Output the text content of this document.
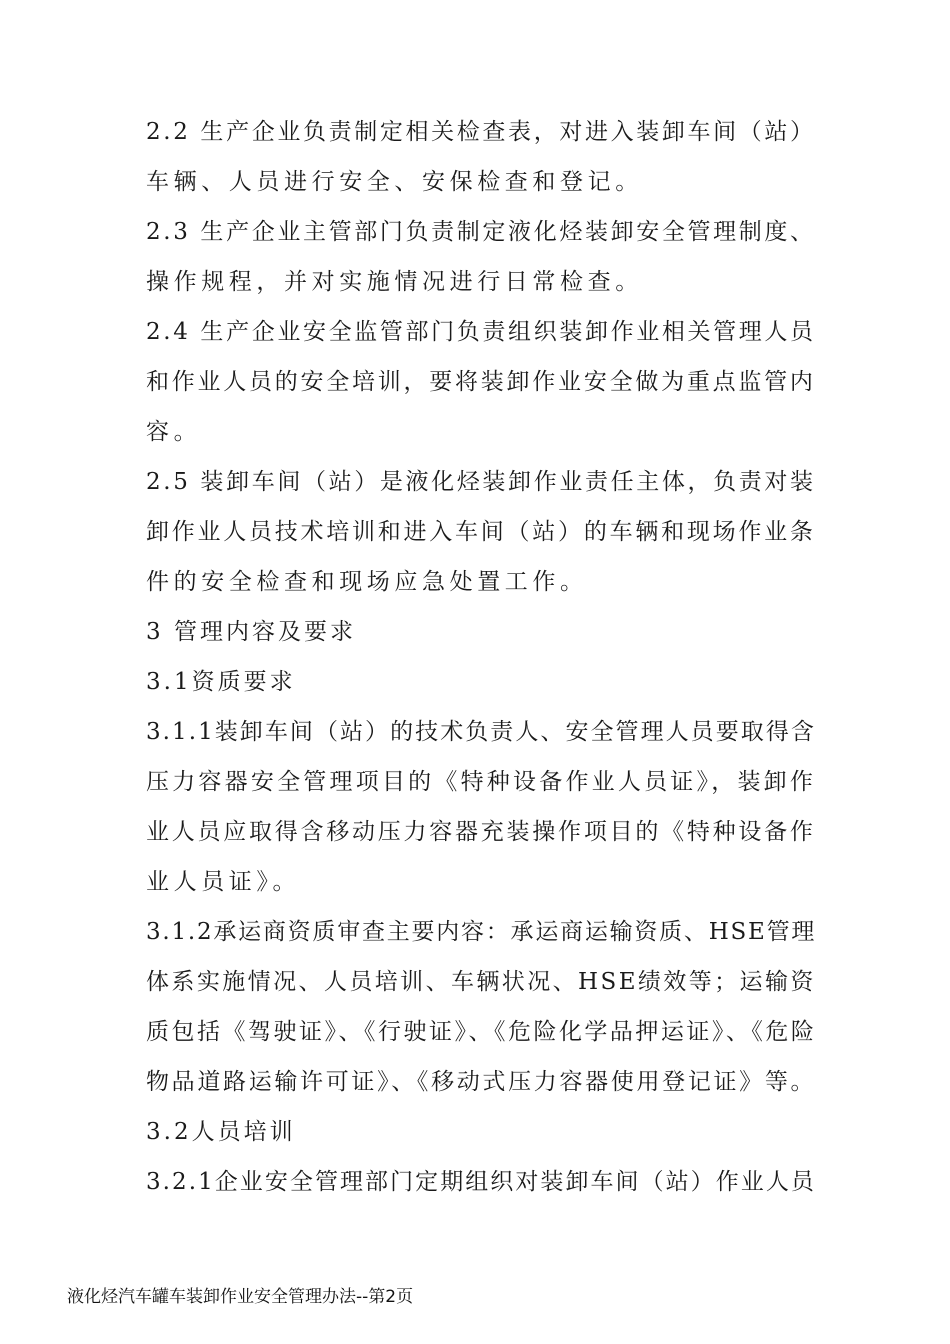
2.2 生产企业负责制定相关检查表，对进入装卸车间（站）
车辆、人员进行安全、安保检查和登记。
2.3 生产企业主管部门负责制定液化烃装卸安全管理制度、
操作规程，并对实施情况进行日常检查。
2.4 生产企业安全监管部门负责组织装卸作业相关管理人员
和作业人员的安全培训，要将装卸作业安全做为重点监管内
容。
2.5 装卸车间（站）是液化烃装卸作业责任主体，负责对装
卸作业人员技术培训和进入车间（站）的车辆和现场作业条
件的安全检查和现场应急处置工作。
3 管理内容及要求
3.1资质要求
3.1.1装卸车间（站）的技术负责人、安全管理人员要取得含
压力容器安全管理项目的《特种设备作业人员证》，装卸作
业人员应取得含移动压力容器充装操作项目的《特种设备作
业人员证》。
3.1.2承运商资质审查主要内容：承运商运输资质、HSE管理
体系实施情况、人员培训、车辆状况、HSE绩效等；运输资
质包括《驾驶证》、《行驶证》、《危险化学品押运证》、《危险
物品道路运输许可证》、《移动式压力容器使用登记证》等。
3.2人员培训
3.2.1企业安全管理部门定期组织对装卸车间（站）作业人员
液化烃汽车罐车装卸作业安全管理办法--第2页
